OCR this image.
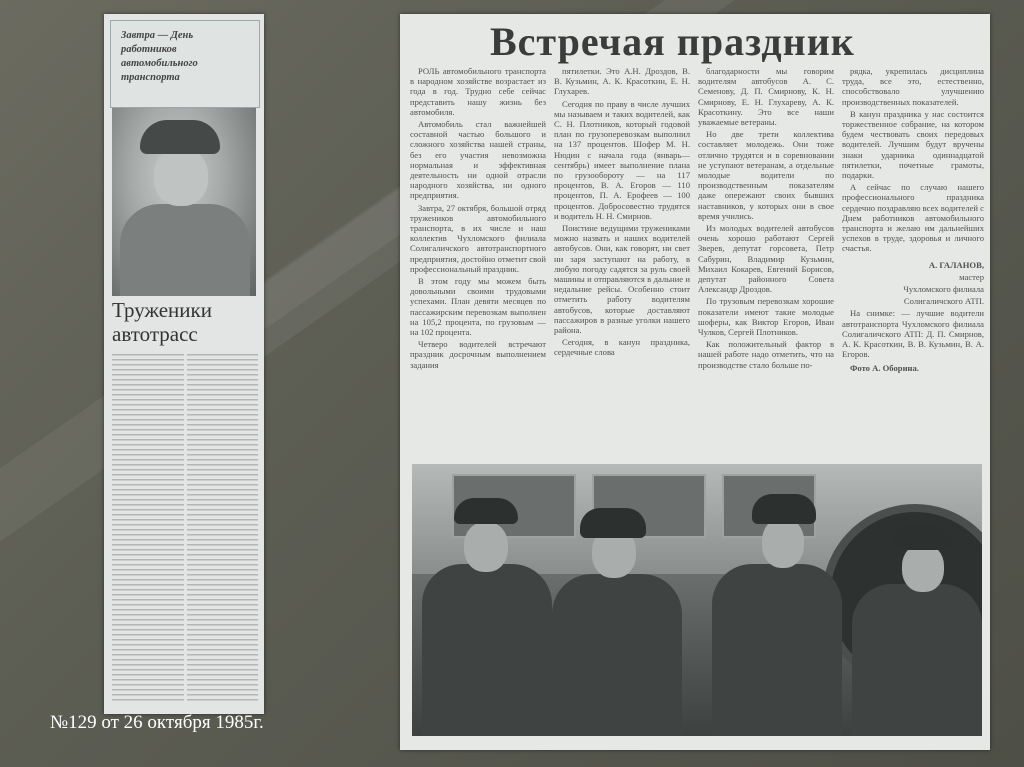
Завтра — День
работников
автомобильного
транспорта
Труженики
автотрасс
№129 от 26 октября 1985г.
Встречая праздник

РОЛЬ автомобильного транспорта в народном хозяйстве возрастает из года в год. Трудно себе сейчас представить нашу жизнь без автомобиля.

Автомобиль стал важнейшей составной частью большого и сложного хозяйства нашей страны, без его участия невозможна нормальная и эффективная деятельность ни одной отрасли народного хозяйства, ни одного предприятия.

Завтра, 27 октября, большой отряд тружеников автомобильного транспорта, в их числе и наш коллектив Чухломского филиала Солигаличского автотранспортного предприятия, достойно отметит свой профессиональный праздник.

В этом году мы можем быть довольными своими трудовыми успехами. План девяти месяцев по пассажирским перевозкам выполнен на 105,2 процента, по грузовым — на 102 процента.

Четверо водителей встречают праздник досрочным выполнением задания

пятилетки. Это А.Н. Дроздов, В. В. Кузьмин, А. К. Красоткин, Е. Н. Глухарев.

Сегодня по праву в числе лучших мы называем и таких водителей, как С. Н. Плотников, который годовой план по грузоперевозкам выполнил на 137 процентов. Шофер М. Н. Нюдин с начала года (январь—сентябрь) имеет выполнение плана по грузообороту — на 117 процентов, В. А. Егоров — 110 процентов, П. А. Ерофеев — 100 процентов. Добросовестно трудятся и водитель Н. Н. Смирнов.

Поистине ведущими тружениками можно назвать и наших водителей автобусов. Они, как говорят, ни свет ни заря заступают на работу, в любую погоду садятся за руль своей машины и отправляются в дальние и недальние рейсы. Особенно стоит отметить работу водителям автобусов, которые доставляют пассажиров в разные уголки нашего района.

Сегодня, в канун праздника, сердечные слова

благодарности мы говорим водителям автобусов А. С. Семенову, Д. П. Смирнову, К. Н. Смирнову, Е. Н. Глухареву, А. К. Красоткину. Это все наши уважаемые ветераны.

Но две трети коллектива составляет молодежь. Они тоже отлично трудятся и в соревновании не уступают ветеранам, а отдельные молодые водители по производственным показателям даже опережают своих бывших наставников, у которых они в свое время учились.

Из молодых водителей автобусов очень хорошо работают Сергей Зверев, депутат горсовета, Петр Сабурин, Владимир Кузьмин, Михаил Кокарев, Евгений Борисов, депутат районного Совета Александр Дроздов.

По трузовым перевозкам хорошие показатели имеют такие молодые шоферы, как Виктор Егоров, Иван Чулков, Сергей Плотников.

Как положительный фактор в нашей работе надо отметить, что на производстве стало больше по-

рядка, укрепилась дисциплина труда, все это, естественно, способствовало улучшению производственных показателей.

В канун праздника у нас состоится торжественное собрание, на котором будем чествовать своих передовых водителей. Лучшим будут вручены знаки ударника одиннадцатой пятилетки, почетные грамоты, подарки.

А сейчас по случаю нашего профессионального праздника сердечно поздравляю всех водителей с Днем работников автомобильного транспорта и желаю им дальнейших успехов в труде, здоровья и личного счастья.

А. ГАЛАНОВ,

мастер

Чухломского филиала

Солигаличского АТП.

На снимке: — лучшие водители автотранспорта Чухломского филиала Солигаличского АТП: Д. П. Смирнов, А. К. Красоткин, В. В. Кузьмин, В. А. Егоров.

Фото А. Оборина.
